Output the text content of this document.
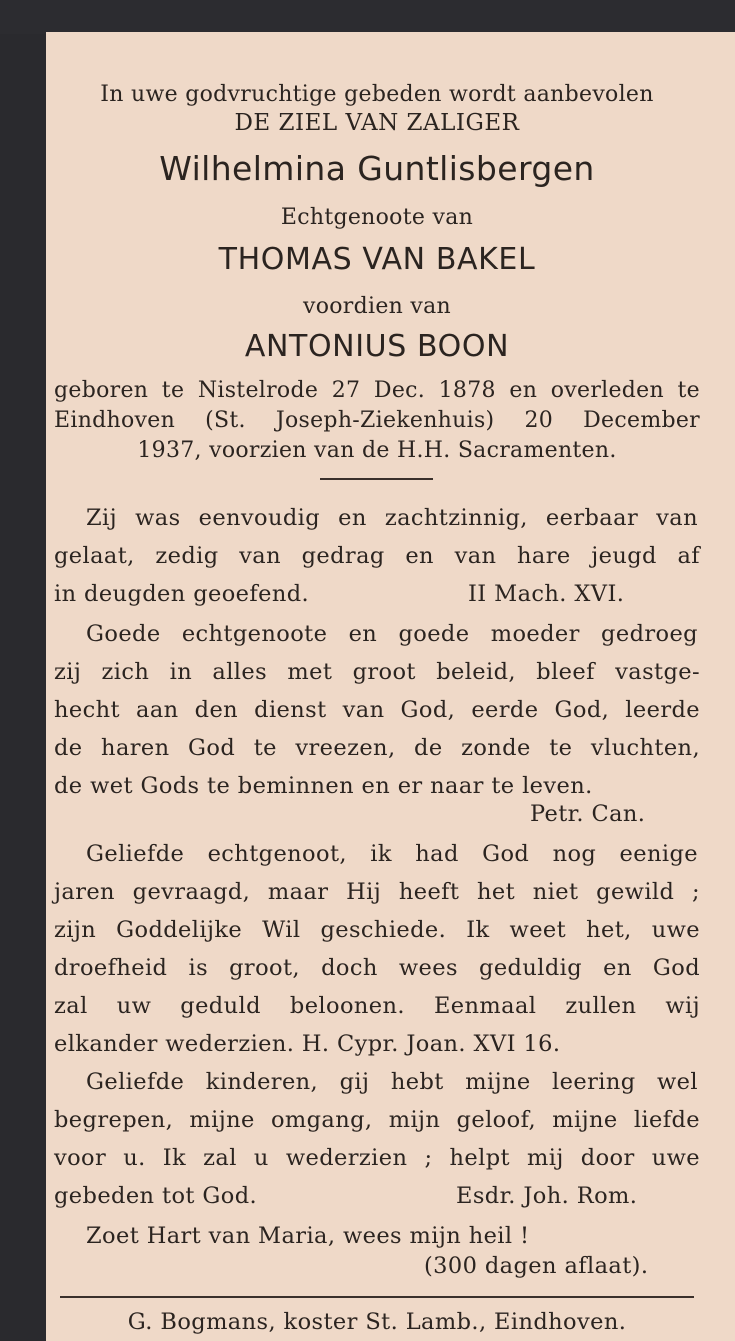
In uwe godvruchtige gebeden wordt aanbevolen
DE ZIEL VAN ZALIGER
Wilhelmina Guntlisbergen
Echtgenoote van
THOMAS VAN BAKEL
voordien van
ANTONIUS BOON
geboren te Nistelrode 27 Dec. 1878 en overleden te
Eindhoven (St. Joseph-Ziekenhuis) 20 December
1937, voorzien van de H.H. Sacramenten.
Zij was eenvoudig en zachtzinnig, eerbaar van
gelaat, zedig van gedrag en van hare jeugd af
in deugden geoefend.	II Mach. XVI.
Goede echtgenoote en goede moeder gedroeg
zij zich in alles met groot beleid, bleef vastge-
hecht aan den dienst van God, eerde God, leerde
de haren God te vreezen, de zonde te vluchten,
de wet Gods te beminnen en er naar te leven.
Petr. Can.
Geliefde echtgenoot, ik had God nog eenige
jaren gevraagd, maar Hij heeft het niet gewild ;
zijn Goddelijke Wil geschiede. Ik weet het, uwe
droefheid is groot, doch wees geduldig en God
zal uw geduld beloonen. Eenmaal zullen wij
elkander wederzien. H. Cypr. Joan. XVI 16.
Geliefde kinderen, gij hebt mijne leering wel
begrepen, mijne omgang, mijn geloof, mijne liefde
voor u. Ik zal u wederzien ; helpt mij door uwe
gebeden tot God.	Esdr. Joh. Rom.
Zoet Hart van Maria, wees mijn heil !
(300 dagen aflaat).
G. Bogmans, koster St. Lamb., Eindhoven.
